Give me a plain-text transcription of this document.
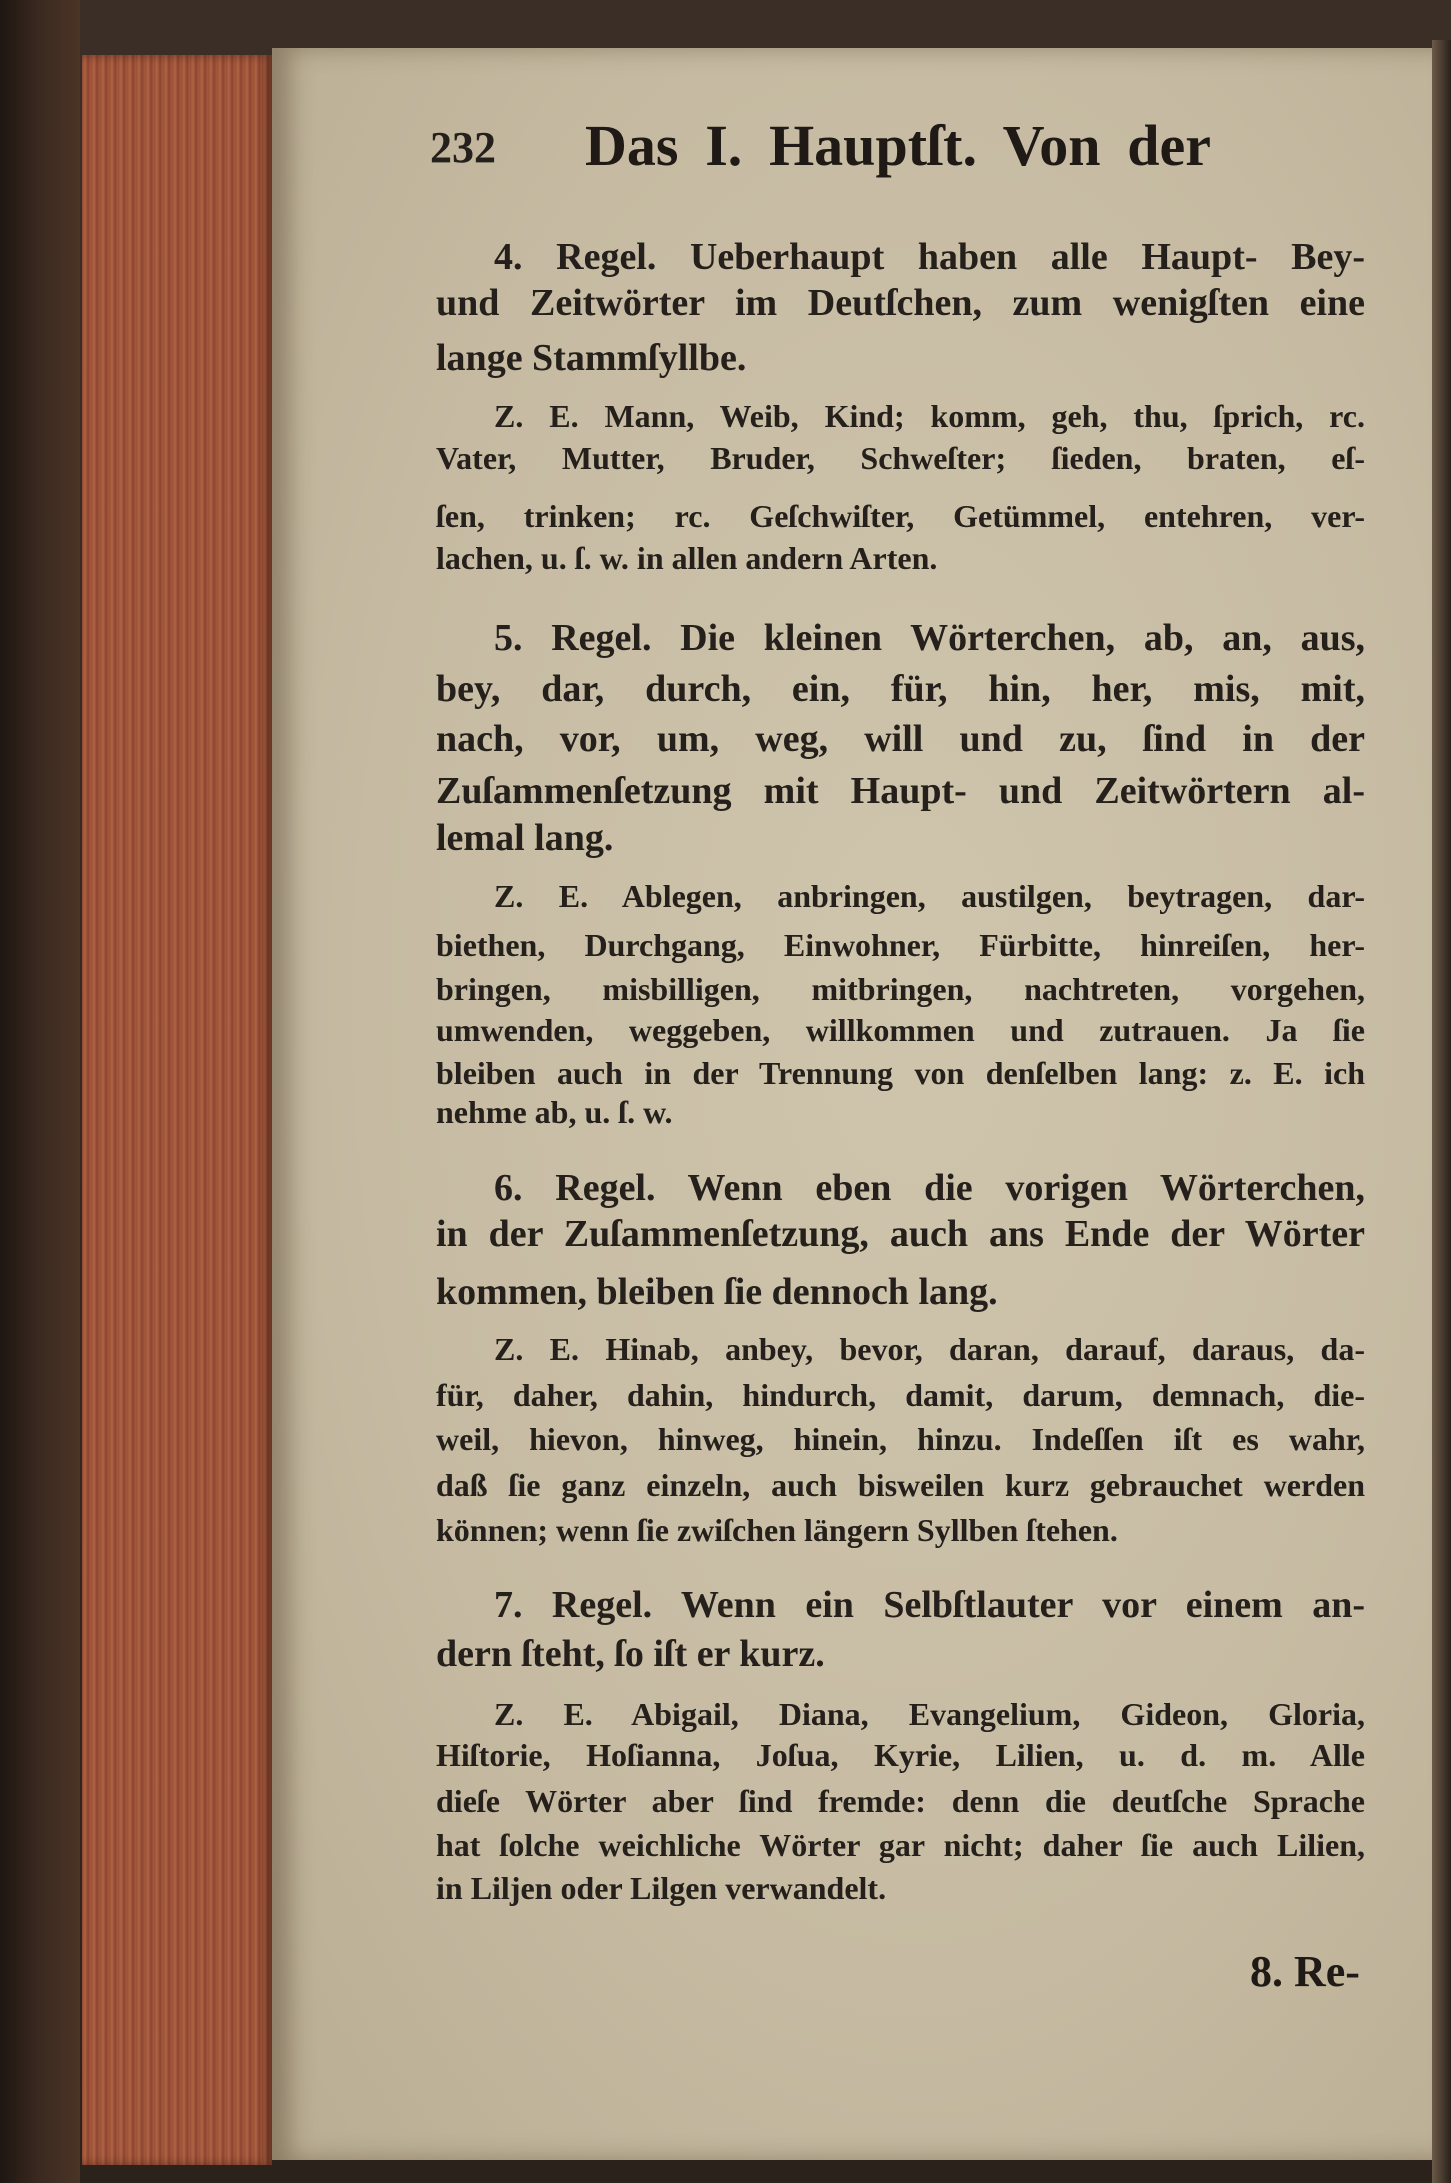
232 Das I. Hauptſt. Von der
4. Regel. Ueberhaupt haben alle Haupt- Bey-
und Zeitwörter im Deutſchen, zum wenigſten eine
lange Stammſyllbe.
Z. E. Mann, Weib, Kind; komm, geh, thu, ſprich, rc.
Vater, Mutter, Bruder, Schweſter; ſieden, braten, eſ-
ſen, trinken; rc. Geſchwiſter, Getümmel, entehren, ver-
lachen, u. ſ. w. in allen andern Arten.
5. Regel. Die kleinen Wörterchen, ab, an, aus,
bey, dar, durch, ein, für, hin, her, mis, mit,
nach, vor, um, weg, will und zu, ſind in der
Zuſammenſetzung mit Haupt- und Zeitwörtern al-
lemal lang.
Z. E. Ablegen, anbringen, austilgen, beytragen, dar-
biethen, Durchgang, Einwohner, Fürbitte, hinreiſen, her-
bringen, misbilligen, mitbringen, nachtreten, vorgehen,
umwenden, weggeben, willkommen und zutrauen. Ja ſie
bleiben auch in der Trennung von denſelben lang: z. E. ich
nehme ab, u. ſ. w.
6. Regel. Wenn eben die vorigen Wörterchen,
in der Zuſammenſetzung, auch ans Ende der Wörter
kommen, bleiben ſie dennoch lang.
Z. E. Hinab, anbey, bevor, daran, darauf, daraus, da-
für, daher, dahin, hindurch, damit, darum, demnach, die-
weil, hievon, hinweg, hinein, hinzu. Indeſſen iſt es wahr,
daß ſie ganz einzeln, auch bisweilen kurz gebrauchet werden
können; wenn ſie zwiſchen längern Syllben ſtehen.
7. Regel. Wenn ein Selbſtlauter vor einem an-
dern ſteht, ſo iſt er kurz.
Z. E. Abigail, Diana, Evangelium, Gideon, Gloria,
Hiſtorie, Hoſianna, Joſua, Kyrie, Lilien, u. d. m. Alle
dieſe Wörter aber ſind fremde: denn die deutſche Sprache
hat ſolche weichliche Wörter gar nicht; daher ſie auch Lilien,
in Liljen oder Lilgen verwandelt.
8. Re-
